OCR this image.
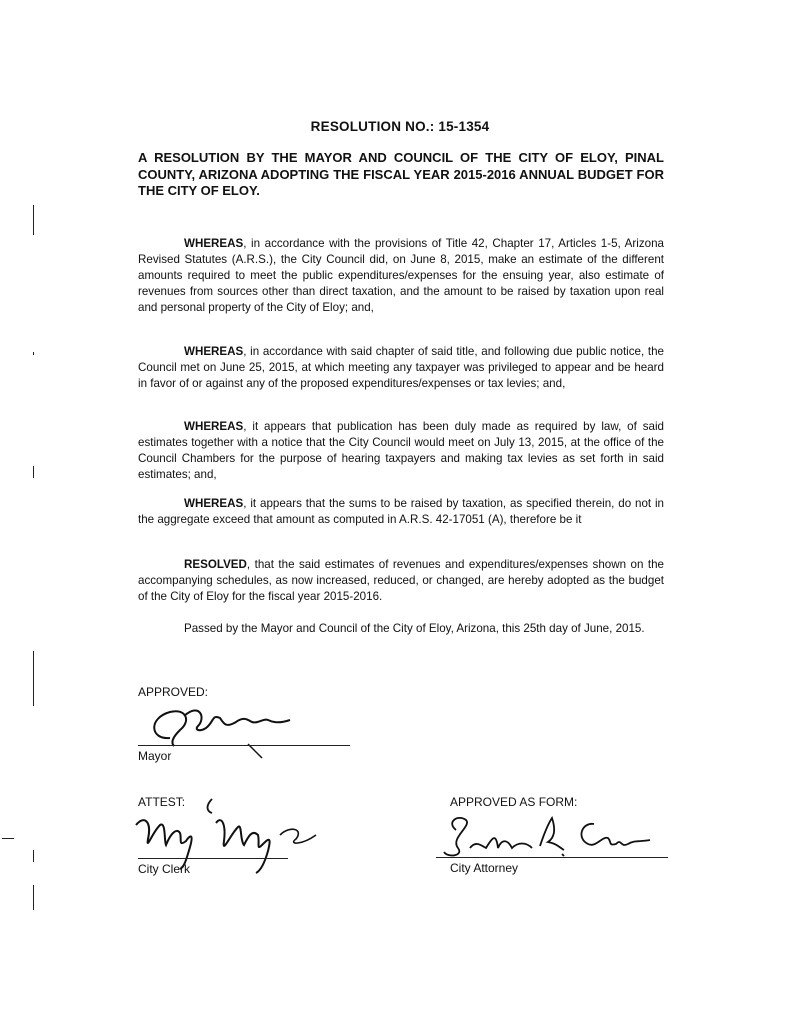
RESOLUTION NO.: 15-1354
A RESOLUTION BY THE MAYOR AND COUNCIL OF THE CITY OF ELOY, PINAL COUNTY, ARIZONA ADOPTING THE FISCAL YEAR 2015-2016 ANNUAL BUDGET FOR THE CITY OF ELOY.
WHEREAS, in accordance with the provisions of Title 42, Chapter 17, Articles 1-5, Arizona Revised Statutes (A.R.S.), the City Council did, on June 8, 2015, make an estimate of the different amounts required to meet the public expenditures/expenses for the ensuing year, also estimate of revenues from sources other than direct taxation, and the amount to be raised by taxation upon real and personal property of the City of Eloy; and,
WHEREAS, in accordance with said chapter of said title, and following due public notice, the Council met on June 25, 2015, at which meeting any taxpayer was privileged to appear and be heard in favor of or against any of the proposed expenditures/expenses or tax levies; and,
WHEREAS, it appears that publication has been duly made as required by law, of said estimates together with a notice that the City Council would meet on July 13, 2015, at the office of the Council Chambers for the purpose of hearing taxpayers and making tax levies as set forth in said estimates; and,
WHEREAS, it appears that the sums to be raised by taxation, as specified therein, do not in the aggregate exceed that amount as computed in A.R.S. 42-17051 (A), therefore be it
RESOLVED, that the said estimates of revenues and expenditures/expenses shown on the accompanying schedules, as now increased, reduced, or changed, are hereby adopted as the budget of the City of Eloy for the fiscal year 2015-2016.
Passed by the Mayor and Council of the City of Eloy, Arizona, this 25th day of June, 2015.
APPROVED:
Mayor
ATTEST:
City Clerk
APPROVED AS FORM:
City Attorney
